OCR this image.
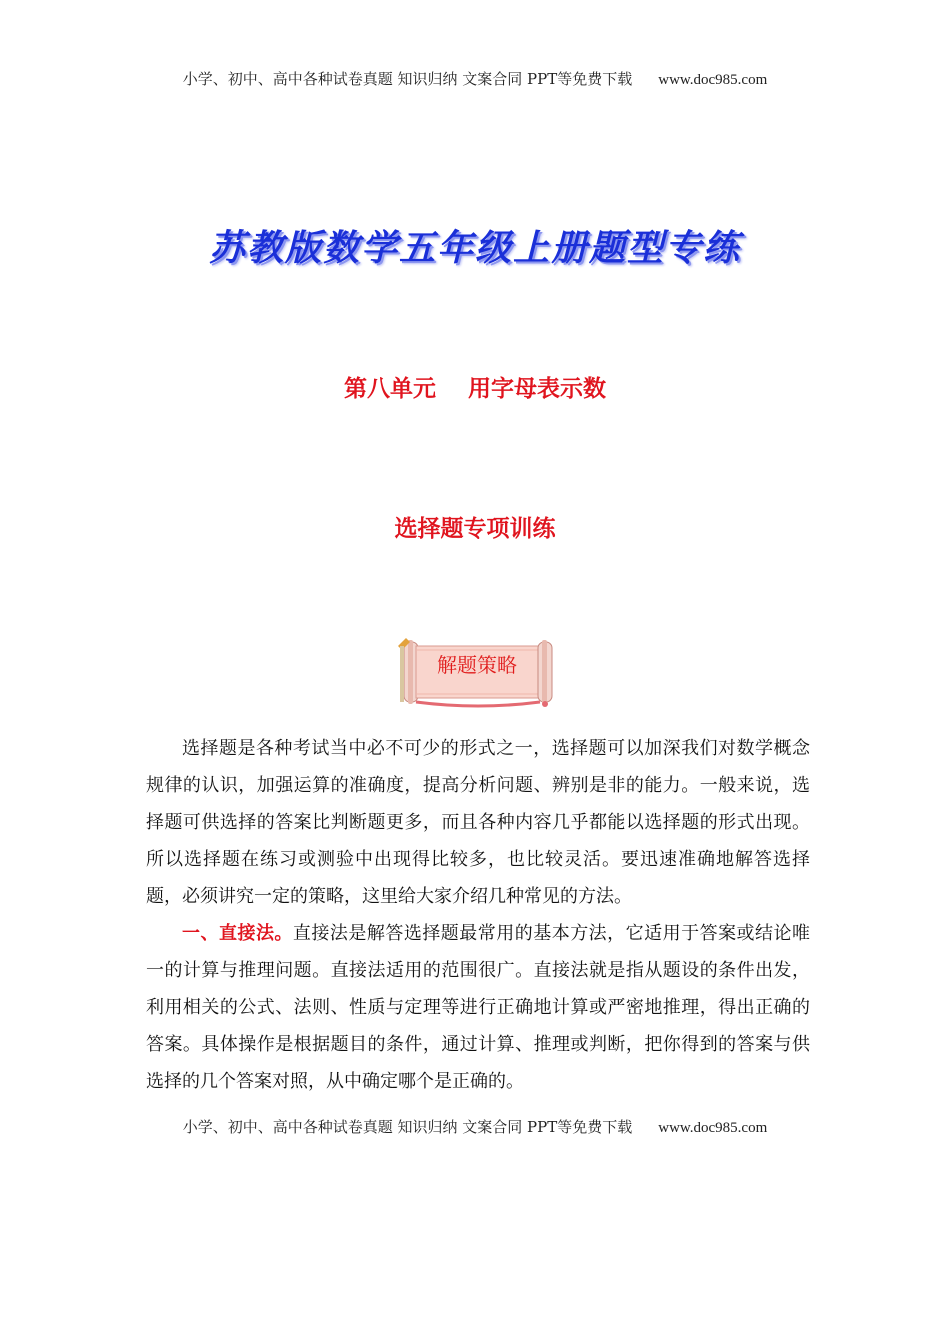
小学、初中、高中各种试卷真题 知识归纳 文案合同 PPT等免费下载 www.doc985.com
苏教版数学五年级上册题型专练
第八单元    用字母表示数
选择题专项训练
解题策略

选择题是各种考试当中必不可少的形式之一，选择题可以加深我们对数学概念规律的认识，加强运算的准确度，提高分析问题、辨别是非的能力。一般来说，选择题可供选择的答案比判断题更多，而且各种内容几乎都能以选择题的形式出现。所以选择题在练习或测验中出现得比较多，也比较灵活。要迅速准确地解答选择题，必须讲究一定的策略，这里给大家介绍几种常见的方法。

一、直接法。直接法是解答选择题最常用的基本方法，它适用于答案或结论唯一的计算与推理问题。直接法适用的范围很广。直接法就是指从题设的条件出发，利用相关的公式、法则、性质与定理等进行正确地计算或严密地推理，得出正确的答案。具体操作是根据题目的条件，通过计算、推理或判断，把你得到的答案与供选择的几个答案对照，从中确定哪个是正确的。

小学、初中、高中各种试卷真题 知识归纳 文案合同 PPT等免费下载 www.doc985.com
